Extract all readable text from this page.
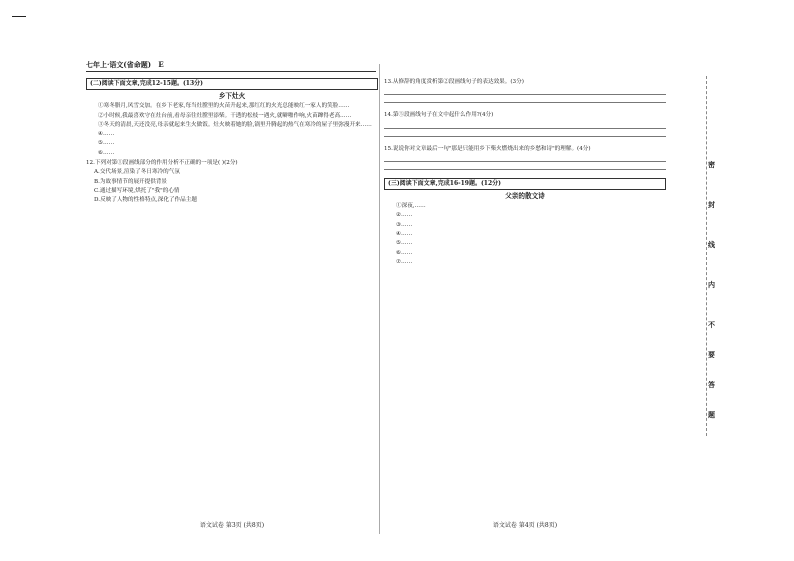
七年上·语文(省命题) E
(二)阅读下面文章,完成12-15题。(13分)
乡下灶火

①寒冬腊月,风雪交加。在乡下老家,每当灶膛里的火苗升起来,那红红的火光总能映红一家人的笑脸……

②小时候,我最喜欢守在灶台前,看母亲往灶膛里添柴。干透的松枝一遇火,就噼啪作响,火苗蹿得老高……

③冬天的清晨,天还没亮,母亲就起来生火做饭。灶火映着她的脸,锅里升腾起的热气在寒冷的屋子里弥漫开来……

④……

⑤……

⑥……

12.下列对第①段画线部分的作用分析不正确的一项是( )(2分)
A.交代场景,渲染了冬日寒冷的气氛
B.为故事情节的展开提供背景
C.通过描写环境,烘托了"我"的心情
D.反映了人物的性格特点,深化了作品主题
语文试卷 第3页 (共8页)
13.从修辞的角度赏析第②段画线句子的表达效果。(3分)
14.第⑤段画线句子在文中起什么作用?(4分)
15.说说你对文章最后一句"那是只能用乡下柴火燃烧出来的乡愁和诗"的理解。(4分)
(三)阅读下面文章,完成16-19题。(12分)
父亲的散文诗

①深夜,……

②……

③……

④……

⑤……

⑥……

⑦……

语文试卷 第4页 (共8页)
密
封
线
内
不
要
答
题
